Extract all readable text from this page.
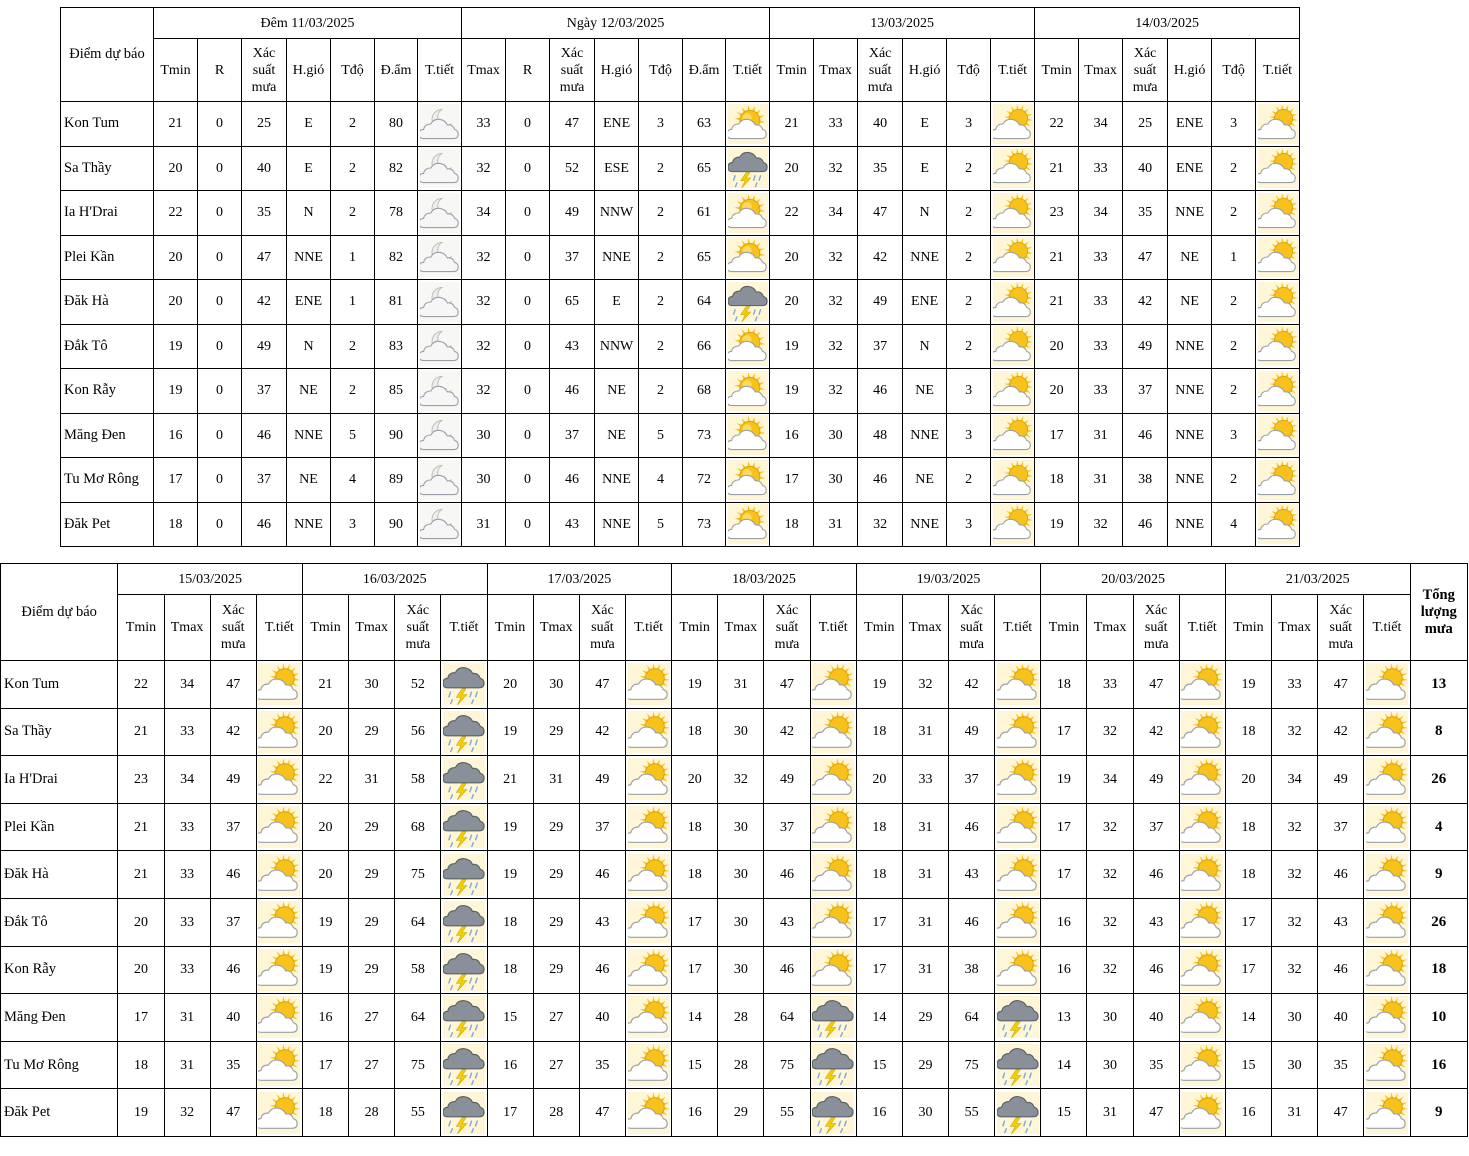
Điểm dự báo	Đêm 11/03/2025							Ngày 12/03/2025							13/03/2025						14/03/2025					
	Tmin	R	Xác suất mưa	H.gió	Tđộ	Đ.ẩm	T.tiết	Tmax	R	Xác suất mưa	H.gió	Tđộ	Đ.ẩm	T.tiết	Tmin	Tmax	Xác suất mưa	H.gió	Tđộ	T.tiết	Tmin	Tmax	Xác suất mưa	H.gió	Tđộ	T.tiết
Kon Tum	21	0	25	E	2	80		33	0	47	ENE	3	63		21	33	40	E	3		22	34	25	ENE	3	

Sa Thầy	20	0	40	E	2	82		32	0	52	ESE	2	65		20	32	35	E	2		21	33	40	ENE	2	

Ia H'Drai	22	0	35	N	2	78		34	0	49	NNW	2	61		22	34	47	N	2		23	34	35	NNE	2	

Plei Kần	20	0	47	NNE	1	82		32	0	37	NNE	2	65		20	32	42	NNE	2		21	33	47	NE	1	

Đăk Hà	20	0	42	ENE	1	81		32	0	65	E	2	64		20	32	49	ENE	2		21	33	42	NE	2	

Đắk Tô	19	0	49	N	2	83		32	0	43	NNW	2	66		19	32	37	N	2		20	33	49	NNE	2	

Kon Rẫy	19	0	37	NE	2	85		32	0	46	NE	2	68		19	32	46	NE	3		20	33	37	NNE	2	

Măng Đen	16	0	46	NNE	5	90		30	0	37	NE	5	73		16	30	48	NNE	3		17	31	46	NNE	3	

Tu Mơ Rông	17	0	37	NE	4	89		30	0	46	NNE	4	72		17	30	46	NE	2		18	31	38	NNE	2	

Đăk Pet	18	0	46	NNE	3	90		31	0	43	NNE	5	73		18	31	32	NNE	3		19	32	46	NNE	4	
Điểm dự báo	15/03/2025				16/03/2025				17/03/2025				18/03/2025				19/03/2025				20/03/2025				21/03/2025				Tổng lượng mưa
	Tmin	Tmax	Xác suất mưa	T.tiết	Tmin	Tmax	Xác suất mưa	T.tiết	Tmin	Tmax	Xác suất mưa	T.tiết	Tmin	Tmax	Xác suất mưa	T.tiết	Tmin	Tmax	Xác suất mưa	T.tiết	Tmin	Tmax	Xác suất mưa	T.tiết	Tmin	Tmax	Xác suất mưa	T.tiết	
Kon Tum	22	34	47		21	30	52		20	30	47		19	31	47		19	32	42		18	33	47		19	33	47		13
Sa Thầy	21	33	42		20	29	56		19	29	42		18	30	42		18	31	49		17	32	42		18	32	42		8
Ia H'Drai	23	34	49		22	31	58		21	31	49		20	32	49		20	33	37		19	34	49		20	34	49		26
Plei Kần	21	33	37		20	29	68		19	29	37		18	30	37		18	31	46		17	32	37		18	32	37		4
Đăk Hà	21	33	46		20	29	75		19	29	46		18	30	46		18	31	43		17	32	46		18	32	46		9
Đắk Tô	20	33	37		19	29	64		18	29	43		17	30	43		17	31	46		16	32	43		17	32	43		26
Kon Rẫy	20	33	46		19	29	58		18	29	46		17	30	46		17	31	38		16	32	46		17	32	46		18
Măng Đen	17	31	40		16	27	64		15	27	40		14	28	64		14	29	64		13	30	40		14	30	40		10
Tu Mơ Rông	18	31	35		17	27	75		16	27	35		15	28	75		15	29	75		14	30	35		15	30	35		16
Đăk Pet	19	32	47		18	28	55		17	28	47		16	29	55		16	30	55		15	31	47		16	31	47		9
